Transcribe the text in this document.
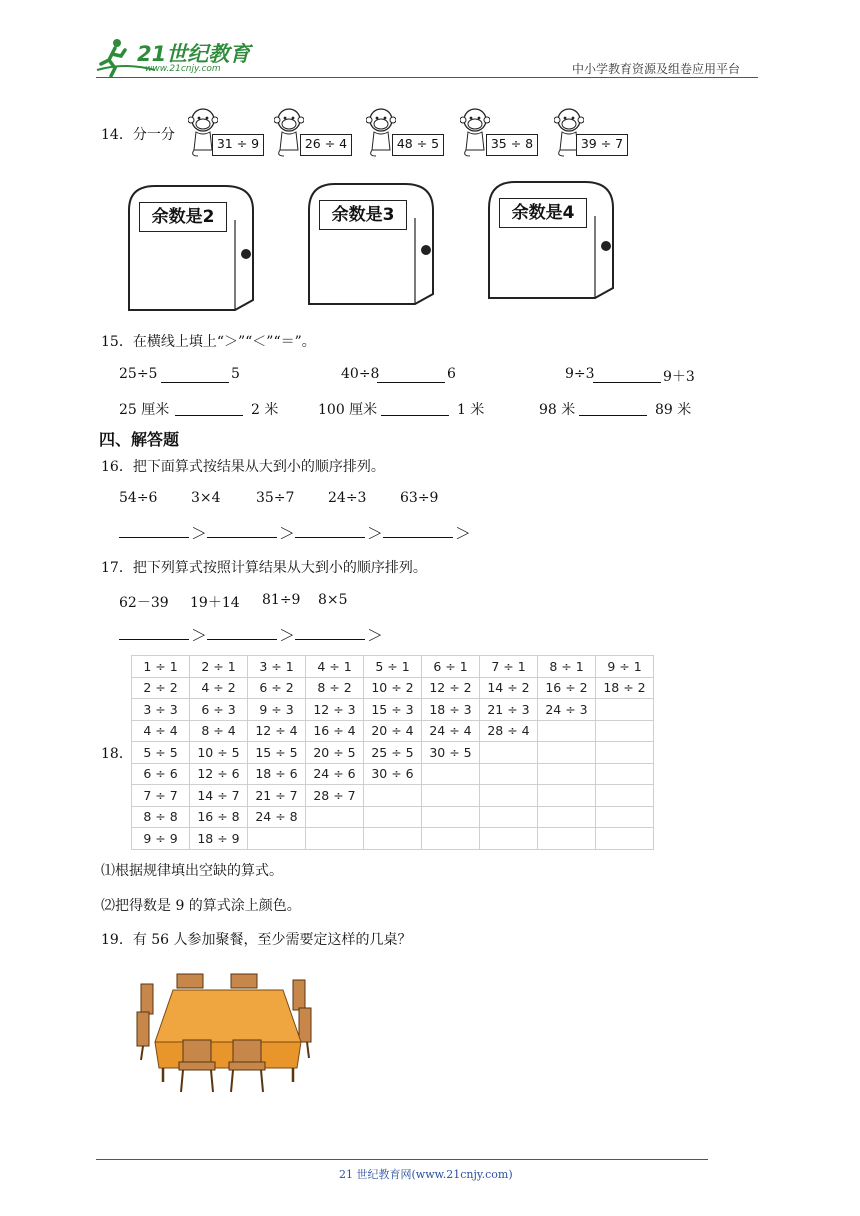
21世纪教育
www.21cnjy.com	中小学教育资源及组卷应用平台
14．分一分
31 ÷ 9	26 ÷ 4	48 ÷ 5	35 ÷ 8	39 ÷ 7
余数是2	余数是3	余数是4
15．在横线上填上“＞”“＜”“＝”。
25÷5	5	40÷8	6	9÷3	9＋3
25 厘米	2 米	100 厘米	1 米	98 米	89 米
四、解答题
16．把下面算式按结果从大到小的顺序排列。
54÷6 3×4	35÷7 24÷3 63÷9
＞	＞	＞	＞
17．把下列算式按照计算结果从大到小的顺序排列。
62－39 19＋14 81÷9 8×5
＞	＞	＞
18．
1 ÷ 1	2 ÷ 1	3 ÷ 1	4 ÷ 1	5 ÷ 1	6 ÷ 1	7 ÷ 1	8 ÷ 1	9 ÷ 1
2 ÷ 2	4 ÷ 2	6 ÷ 2	8 ÷ 2	10 ÷ 2	12 ÷ 2	14 ÷ 2	16 ÷ 2	18 ÷ 2
3 ÷ 3	6 ÷ 3	9 ÷ 3	12 ÷ 3	15 ÷ 3	18 ÷ 3	21 ÷ 3	24 ÷ 3	
4 ÷ 4	8 ÷ 4	12 ÷ 4	16 ÷ 4	20 ÷ 4	24 ÷ 4	28 ÷ 4		
5 ÷ 5	10 ÷ 5	15 ÷ 5	20 ÷ 5	25 ÷ 5	30 ÷ 5			
6 ÷ 6	12 ÷ 6	18 ÷ 6	24 ÷ 6	30 ÷ 6				
7 ÷ 7	14 ÷ 7	21 ÷ 7	28 ÷ 7					
8 ÷ 8	16 ÷ 8	24 ÷ 8						
9 ÷ 9	18 ÷ 9							
⑴根据规律填出空缺的算式。
⑵把得数是 9 的算式涂上颜色。
19．有 56 人参加聚餐，至少需要定这样的几桌？
21 世纪教育网(www.21cnjy.com)
